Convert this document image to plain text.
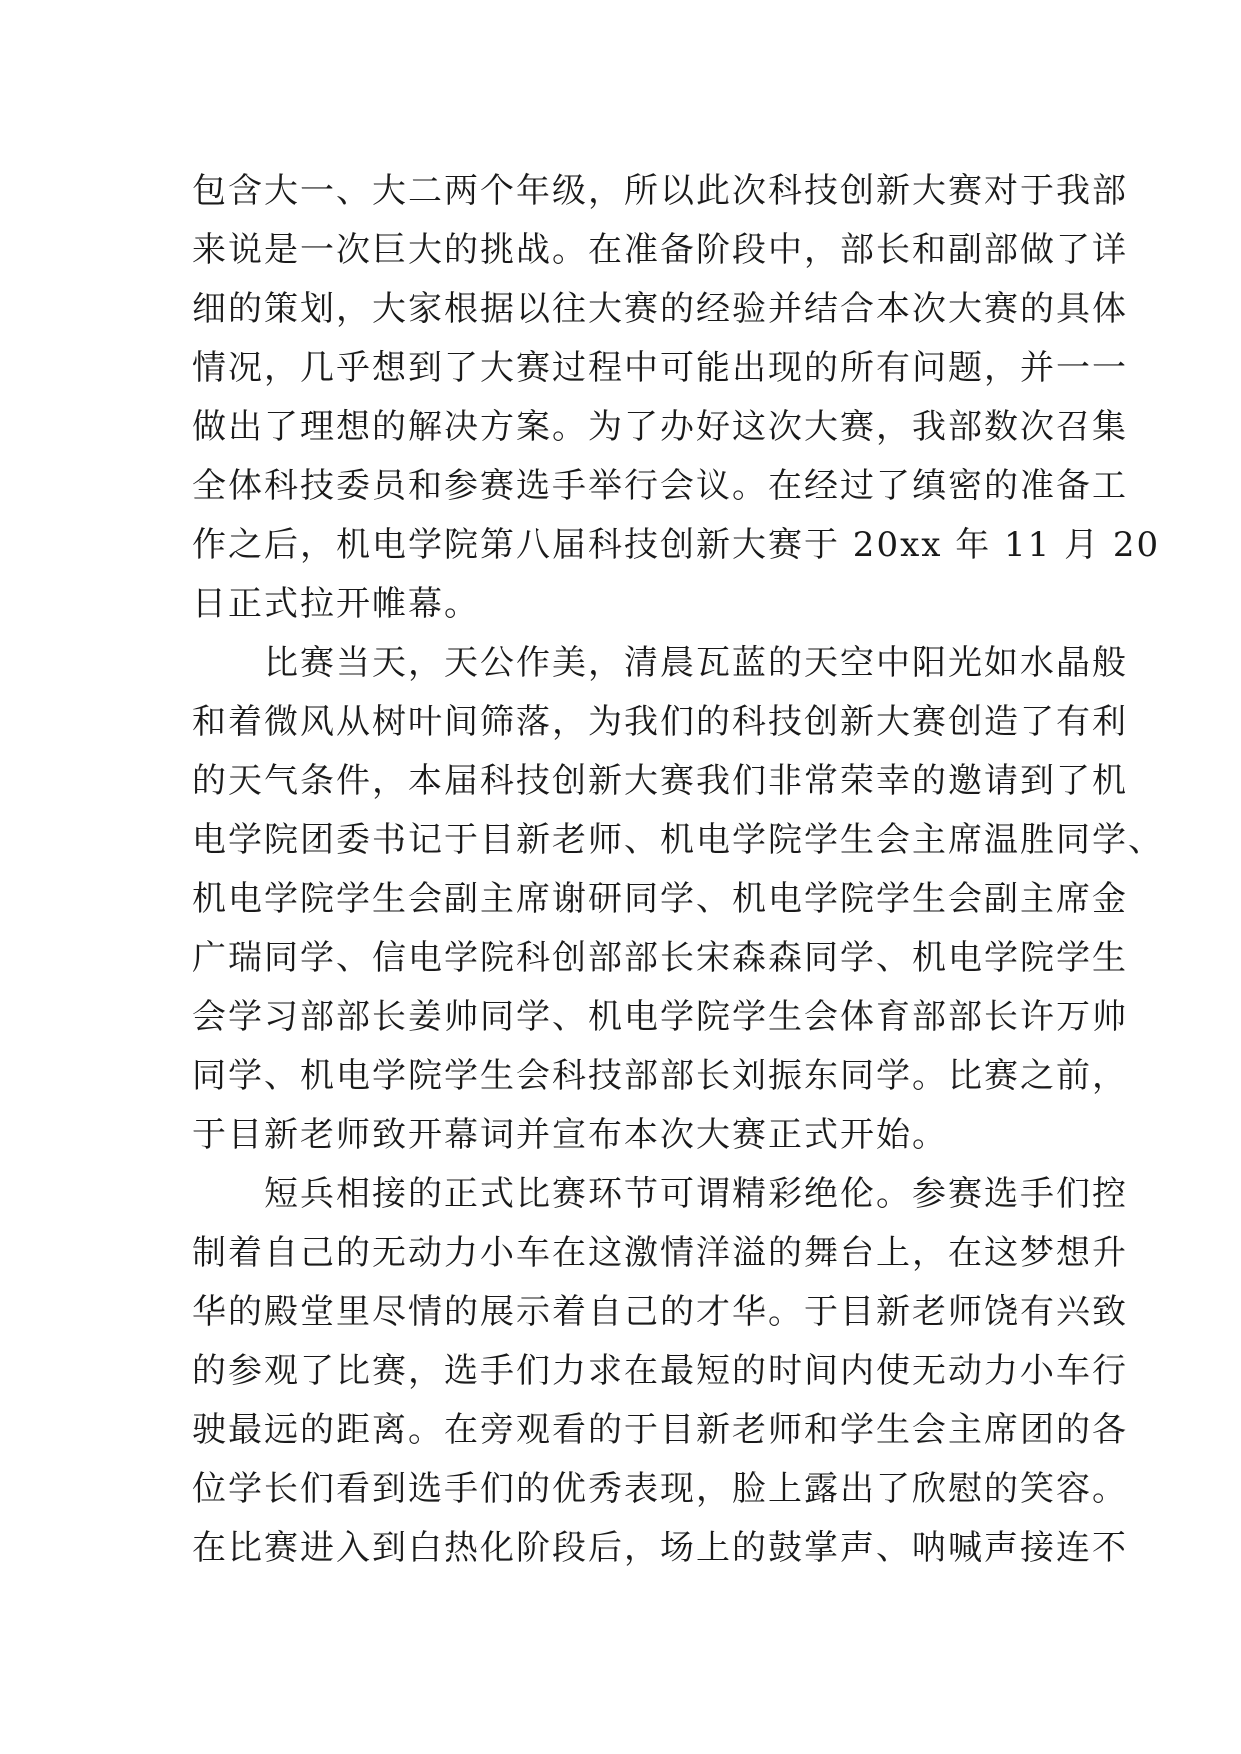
包含大一、大二两个年级，所以此次科技创新大赛对于我部
来说是一次巨大的挑战。在准备阶段中，部长和副部做了详
细的策划，大家根据以往大赛的经验并结合本次大赛的具体
情况，几乎想到了大赛过程中可能出现的所有问题，并一一
做出了理想的解决方案。为了办好这次大赛，我部数次召集
全体科技委员和参赛选手举行会议。在经过了缜密的准备工
作之后，机电学院第八届科技创新大赛于 20xx 年 11 月 20
日正式拉开帷幕。
比赛当天，天公作美，清晨瓦蓝的天空中阳光如水晶般
和着微风从树叶间筛落，为我们的科技创新大赛创造了有利
的天气条件，本届科技创新大赛我们非常荣幸的邀请到了机
电学院团委书记于目新老师、机电学院学生会主席温胜同学、
机电学院学生会副主席谢研同学、机电学院学生会副主席金
广瑞同学、信电学院科创部部长宋森森同学、机电学院学生
会学习部部长姜帅同学、机电学院学生会体育部部长许万帅
同学、机电学院学生会科技部部长刘振东同学。比赛之前，
于目新老师致开幕词并宣布本次大赛正式开始。
短兵相接的正式比赛环节可谓精彩绝伦。参赛选手们控
制着自己的无动力小车在这激情洋溢的舞台上，在这梦想升
华的殿堂里尽情的展示着自己的才华。于目新老师饶有兴致
的参观了比赛，选手们力求在最短的时间内使无动力小车行
驶最远的距离。在旁观看的于目新老师和学生会主席团的各
位学长们看到选手们的优秀表现，脸上露出了欣慰的笑容。
在比赛进入到白热化阶段后，场上的鼓掌声、呐喊声接连不
